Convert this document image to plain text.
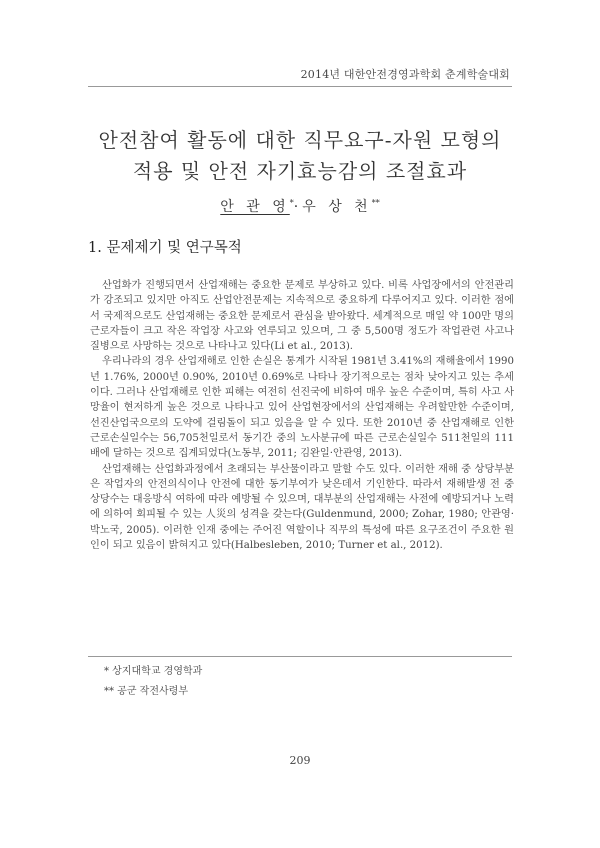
2014년 대한안전경영과학회 춘계학술대회
안전참여 활동에 대한 직무요구-자원 모형의
적용 및 안전 자기효능감의 조절효과
안 관 영*·우 상 천**
1. 문제제기 및 연구목적

산업화가 진행되면서 산업재해는 중요한 문제로 부상하고 있다. 비록 사업장에서의 안전관리가 강조되고 있지만 아직도 산업안전문제는 지속적으로 중요하게 다루어지고 있다. 이러한 점에서 국제적으로도 산업재해는 중요한 문제로서 관심을 받아왔다. 세계적으로 매일 약 100만 명의 근로자들이 크고 작은 작업장 사고와 연루되고 있으며, 그 중 5,500명 정도가 작업관련 사고나 질병으로 사망하는 것으로 나타나고 있다(Li et al., 2013).

우리나라의 경우 산업재해로 인한 손실은 통계가 시작된 1981년 3.41%의 재해율에서 1990년 1.76%, 2000년 0.90%, 2010년 0.69%로 나타나 장기적으로는 점차 낮아지고 있는 추세이다. 그러나 산업재해로 인한 피해는 여전히 선진국에 비하여 매우 높은 수준이며, 특히 사고 사망율이 현저하게 높은 것으로 나타나고 있어 산업현장에서의 산업재해는 우려할만한 수준이며, 선진산업국으로의 도약에 걸림돌이 되고 있음을 알 수 있다. 또한 2010년 중 산업재해로 인한 근로손실일수는 56,705천일로서 동기간 중의 노사분규에 따른 근로손실일수 511천일의 111배에 달하는 것으로 집계되었다(노동부, 2011; 김완일·안관영, 2013).

산업재해는 산업화과정에서 초래되는 부산물이라고 말할 수도 있다. 이러한 재해 중 상당부분은 작업자의 안전의식이나 안전에 대한 동기부여가 낮은데서 기인한다. 따라서 재해발생 전 중 상당수는 대응방식 여하에 따라 예방될 수 있으며, 대부분의 산업재해는 사전에 예방되거나 노력에 의하여 회피될 수 있는 人災의 성격을 갖는다(Guldenmund, 2000; Zohar, 1980; 안관영·박노국, 2005). 이러한 인재 중에는 주어진 역할이나 직무의 특성에 따른 요구조건이 주요한 원인이 되고 있음이 밝혀지고 있다(Halbesleben, 2010; Turner et al., 2012).

* 상지대학교 경영학과
** 공군 작전사령부
209
